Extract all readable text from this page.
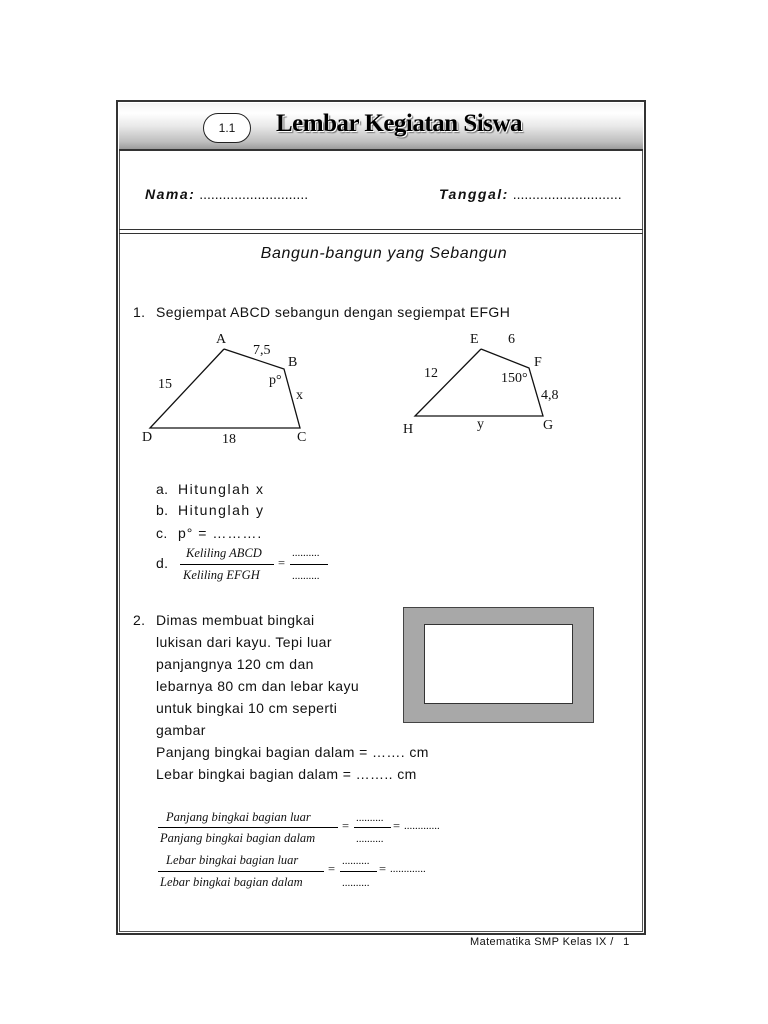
1.1	Lembar Kegiatan Siswa
Nama: ............................	Tanggal: ............................
Bangun-bangun yang Sebangun
1. Segiempat ABCD sebangun dengan segiempat EFGH
A
B
C
D
7,5
15
18
x
p°
E
F
G
H
6
12
4,8
y
150°
a. Hitunglah x
b. Hitunglah y
c. p° = ……….
d.
Keliling ABCD
Keliling EFGH
=
..........
..........
2. Dimas membuat bingkai
lukisan dari kayu. Tepi luar
panjangnya 120 cm dan
lebarnya 80 cm dan lebar kayu
untuk bingkai 10 cm seperti
gambar
Panjang bingkai bagian dalam = ……. cm
Lebar bingkai bagian dalam = …….. cm
Panjang bingkai bagian luar
Panjang bingkai bagian dalam
=
..........
..........
= .............
Lebar bingkai bagian luar
Lebar bingkai bagian dalam
=
..........
..........
= .............
Matematika SMP Kelas IX / 1
